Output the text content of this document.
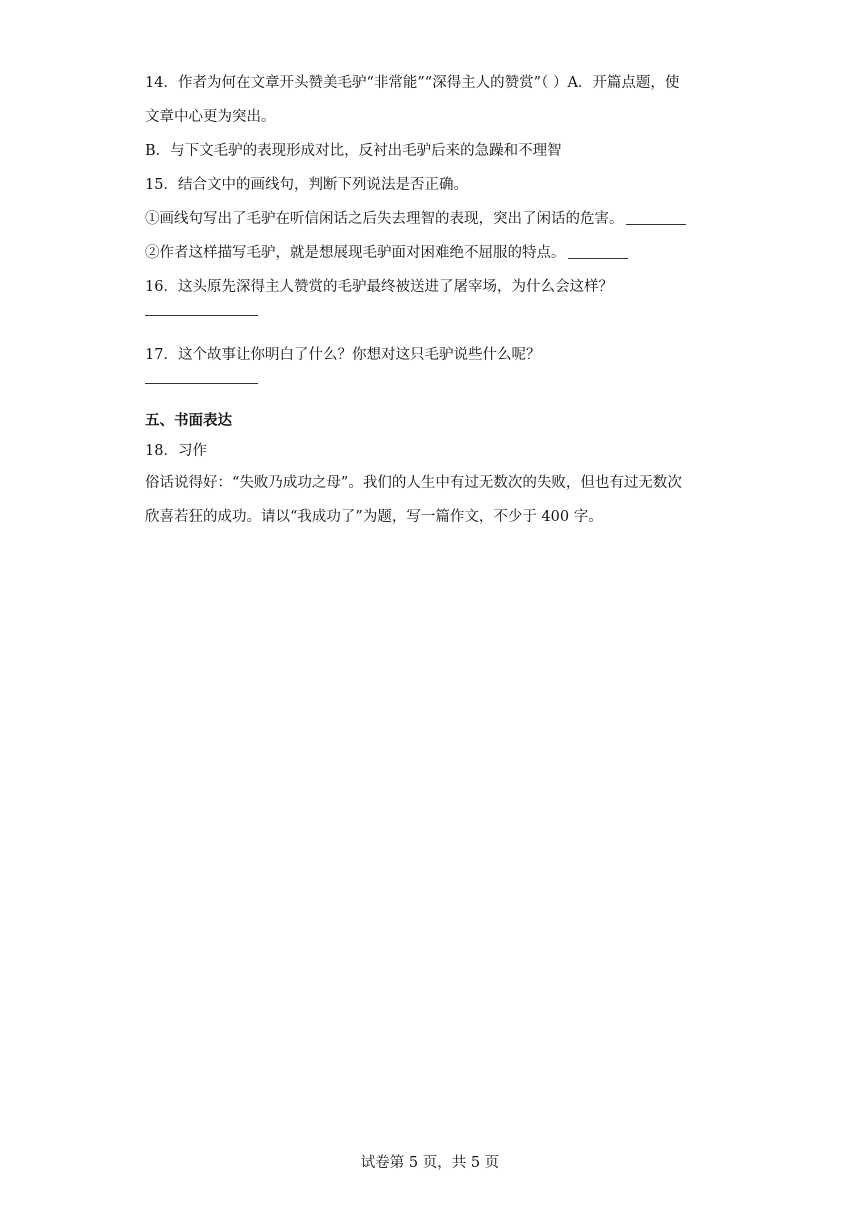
14．作者为何在文章开头赞美毛驴“非常能”“深得主人的赞赏”（ ）A．开篇点题，使
文章中心更为突出。
B．与下文毛驴的表现形成对比，反衬出毛驴后来的急躁和不理智
15．结合文中的画线句，判断下列说法是否正确。
①画线句写出了毛驴在听信闲话之后失去理智的表现，突出了闲话的危害。
②作者这样描写毛驴，就是想展现毛驴面对困难绝不屈服的特点。
16．这头原先深得主人赞赏的毛驴最终被送进了屠宰场，为什么会这样？
17．这个故事让你明白了什么？你想对这只毛驴说些什么呢？
五、书面表达
18．习作
俗话说得好：“失败乃成功之母”。我们的人生中有过无数次的失败，但也有过无数次
欣喜若狂的成功。请以“我成功了”为题，写一篇作文，不少于 400 字。
试卷第 5 页，共 5 页
